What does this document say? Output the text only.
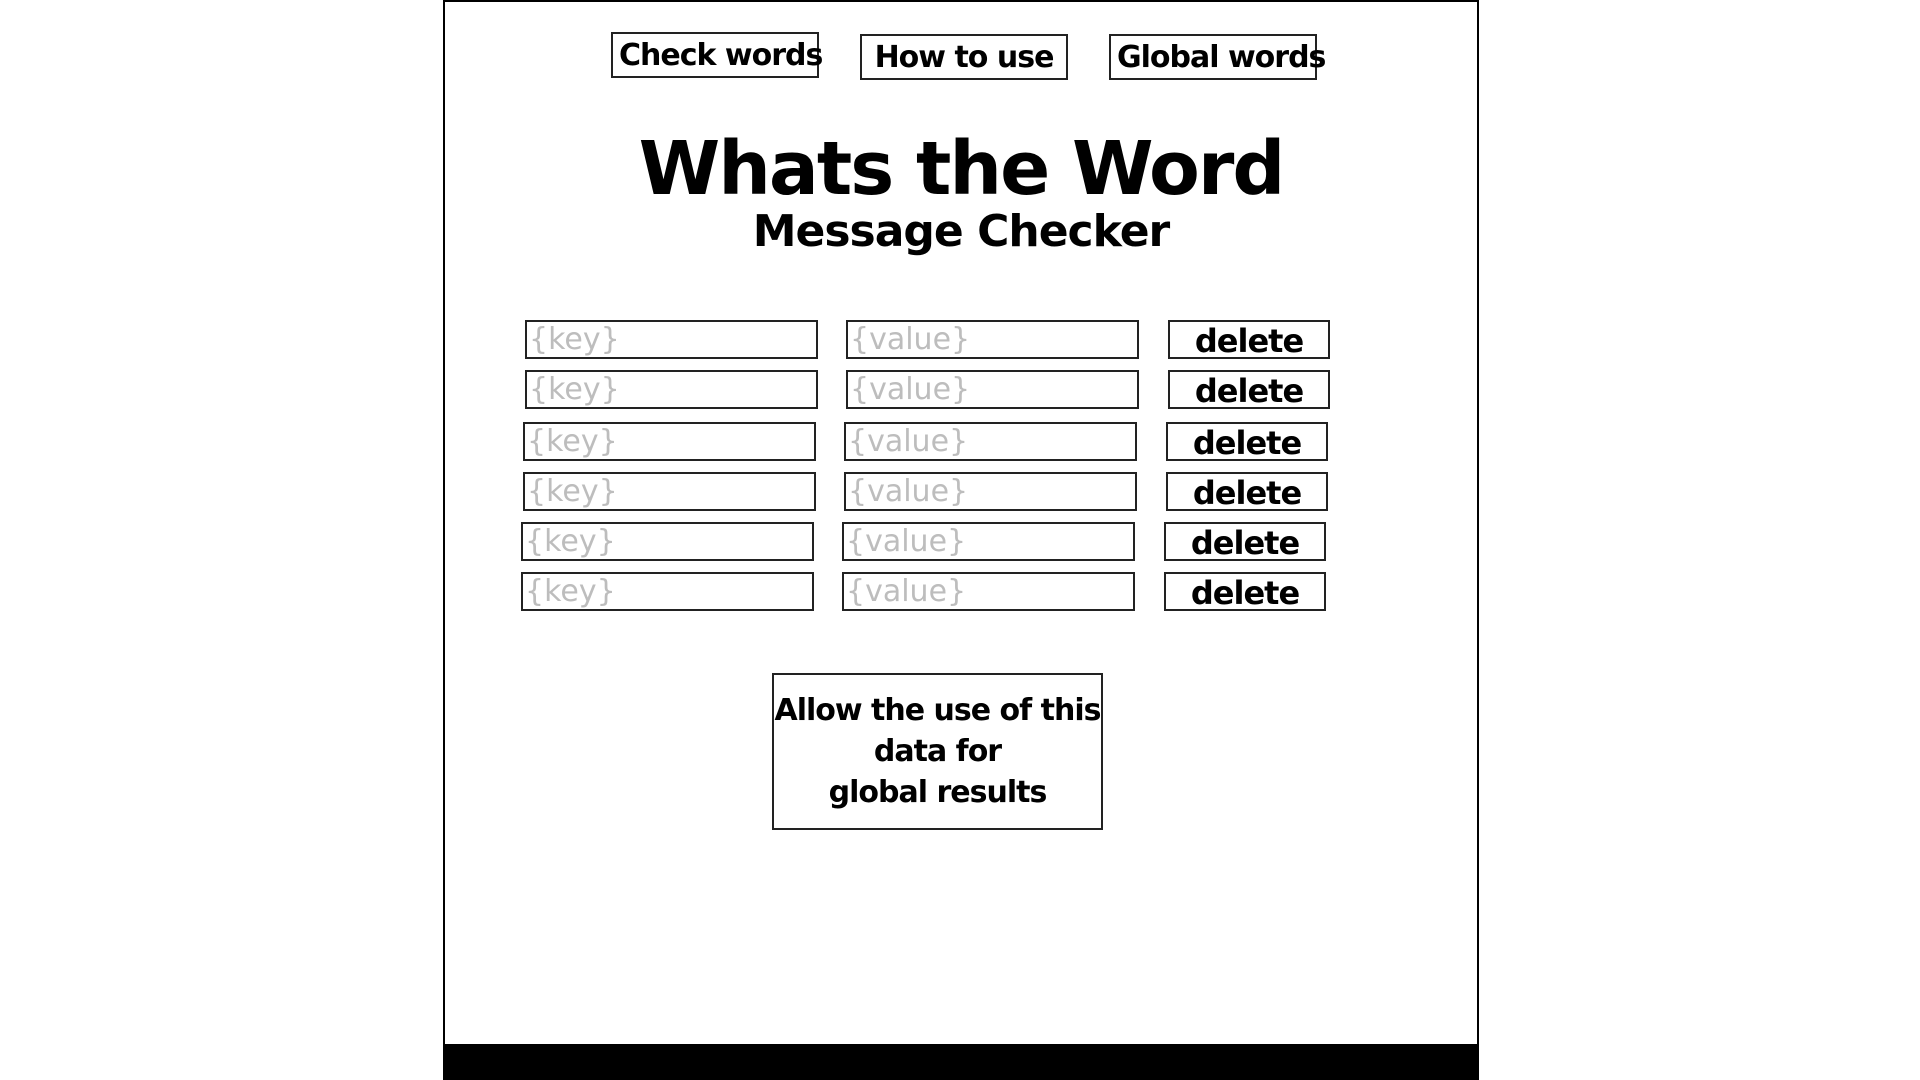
Check words	How to use	Global words
Whats the Word
Message Checker
{key}
{value}
delete
{key}
{value}
delete
{key}
{value}
delete
{key}
{value}
delete
{key}
{value}
delete
{key}
{value}
delete
Allow the use of this
data for
global results
